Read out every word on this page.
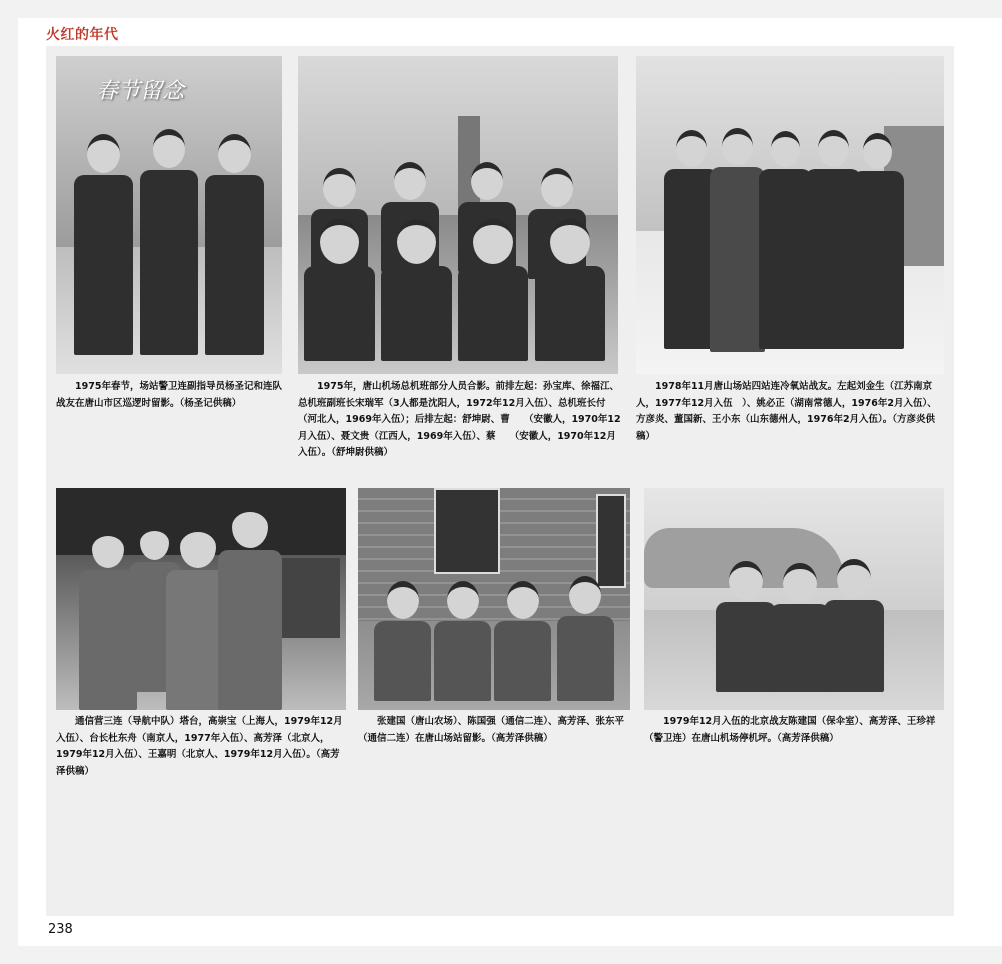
火红的年代
春节留念
1975年春节，场站警卫连副指导员杨圣记和连队战友在唐山市区巡逻时留影。（杨圣记供稿）
1975年，唐山机场总机班部分人员合影。前排左起：孙宝库、徐福江、总机班副班长宋瑞军（3人都是沈阳人，1972年12月入伍）、总机班长付　　（河北人，1969年入伍）；后排左起：舒坤尉、曹　　（安徽人，1970年12月入伍）、聂文贵（江西人，1969年入伍）、蔡　　（安徽人，1970年12月入伍）。（舒坤尉供稿）
1978年11月唐山场站四站连冷氧站战友。左起刘金生（江苏南京人，1977年12月入伍　）、姚必正（湖南常德人，1976年2月入伍）、方彦炎、董国新、王小东（山东德州人，1976年2月入伍）。（方彦炎供稿）
通信营三连（导航中队）塔台，高崇宝（上海人，1979年12月入伍）、台长杜东舟（南京人，1977年入伍）、高芳泽（北京人，1979年12月入伍）、王嘉明（北京人、1979年12月入伍）。（高芳泽供稿）
张建国（唐山农场）、陈国强（通信二连）、高芳泽、张东平（通信二连）在唐山场站留影。（高芳泽供稿）
1979年12月入伍的北京战友陈建国（保伞室）、高芳泽、王珍祥（警卫连）在唐山机场停机坪。（高芳泽供稿）
238
